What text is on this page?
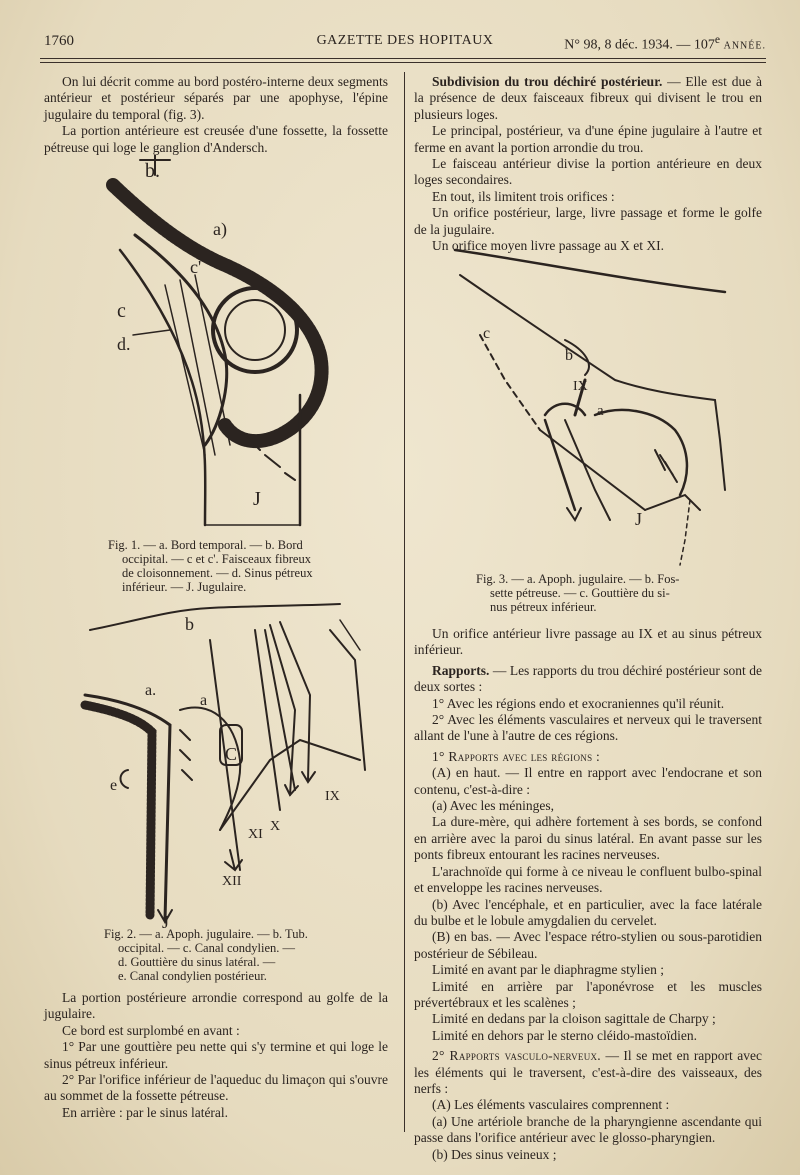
1760	GAZETTE DES HOPITAUX	N° 98, 8 déc. 1934. — 107e ANNÉE.

On lui décrit comme au bord postéro-interne deux segments antérieur et postérieur séparés par une apophyse, l'épine jugulaire du temporal (fig. 3).

La portion antérieure est creusée d'une fossette, la fossette pétreuse qui loge le ganglion d'Andersch.

b.
a)
c'
c
d.
J
Fig. 1. — a. Bord temporal. — b. Bord
occipital. — c et c'. Faisceaux fibreux
de cloisonnement. — d. Sinus pétreux
inférieur. — J. Jugulaire.
b
a.
a
C
e
IX
X
XI
XII
J
Fig. 2. — a. Apoph. jugulaire. — b. Tub.
occipital. — c. Canal condylien. —
d. Gouttière du sinus latéral. —
e. Canal condylien postérieur.

La portion postérieure arrondie correspond au golfe de la jugulaire.

Ce bord est surplombé en avant :

1° Par une gouttière peu nette qui s'y termine et qui loge le sinus pétreux inférieur.

2° Par l'orifice inférieur de l'aqueduc du limaçon qui s'ouvre au sommet de la fossette pétreuse.

En arrière : par le sinus latéral.

Subdivision du trou déchiré postérieur. — Elle est due à la présence de deux faisceaux fibreux qui divisent le trou en plusieurs loges.

Le principal, postérieur, va d'une épine jugulaire à l'autre et ferme en avant la portion arrondie du trou.

Le faisceau antérieur divise la portion antérieure en deux loges secondaires.

En tout, ils limitent trois orifices :

Un orifice postérieur, large, livre passage et forme le golfe de la jugulaire.

Un orifice moyen livre passage au X et XI.

c
b
IX
a
J
Fig. 3. — a. Apoph. jugulaire. — b. Fos-
sette pétreuse. — c. Gouttière du si-
nus pétreux inférieur.

Un orifice antérieur livre passage au IX et au sinus pétreux inférieur.

Rapports. — Les rapports du trou déchiré postérieur sont de deux sortes :

1° Avec les régions endo et exocraniennes qu'il réunit.

2° Avec les éléments vasculaires et nerveux qui le traversent allant de l'une à l'autre de ces régions.

1° Rapports avec les régions :

(A) en haut. — Il entre en rapport avec l'endocrane et son contenu, c'est-à-dire :

(a) Avec les méninges,

La dure-mère, qui adhère fortement à ses bords, se confond en arrière avec la paroi du sinus latéral. En avant passe sur les ponts fibreux entourant les racines nerveuses.

L'arachnoïde qui forme à ce niveau le confluent bulbo-spinal et enveloppe les racines nerveuses.

(b) Avec l'encéphale, et en particulier, avec la face latérale du bulbe et le lobule amygdalien du cervelet.

(B) en bas. — Avec l'espace rétro-stylien ou sous-parotidien postérieur de Sébileau.

Limité en avant par le diaphragme stylien ;

Limité en arrière par l'aponévrose et les muscles prévertébraux et les scalènes ;

Limité en dedans par la cloison sagittale de Charpy ;

Limité en dehors par le sterno cléido-mastoïdien.

2° Rapports vasculo-nerveux. — Il se met en rapport avec les éléments qui le traversent, c'est-à-dire des vaisseaux, des nerfs :

(A) Les éléments vasculaires comprennent :

(a) Une artériole branche de la pharyngienne ascendante qui passe dans l'orifice antérieur avec le glosso-pharyngien.

(b) Des sinus veineux ;
